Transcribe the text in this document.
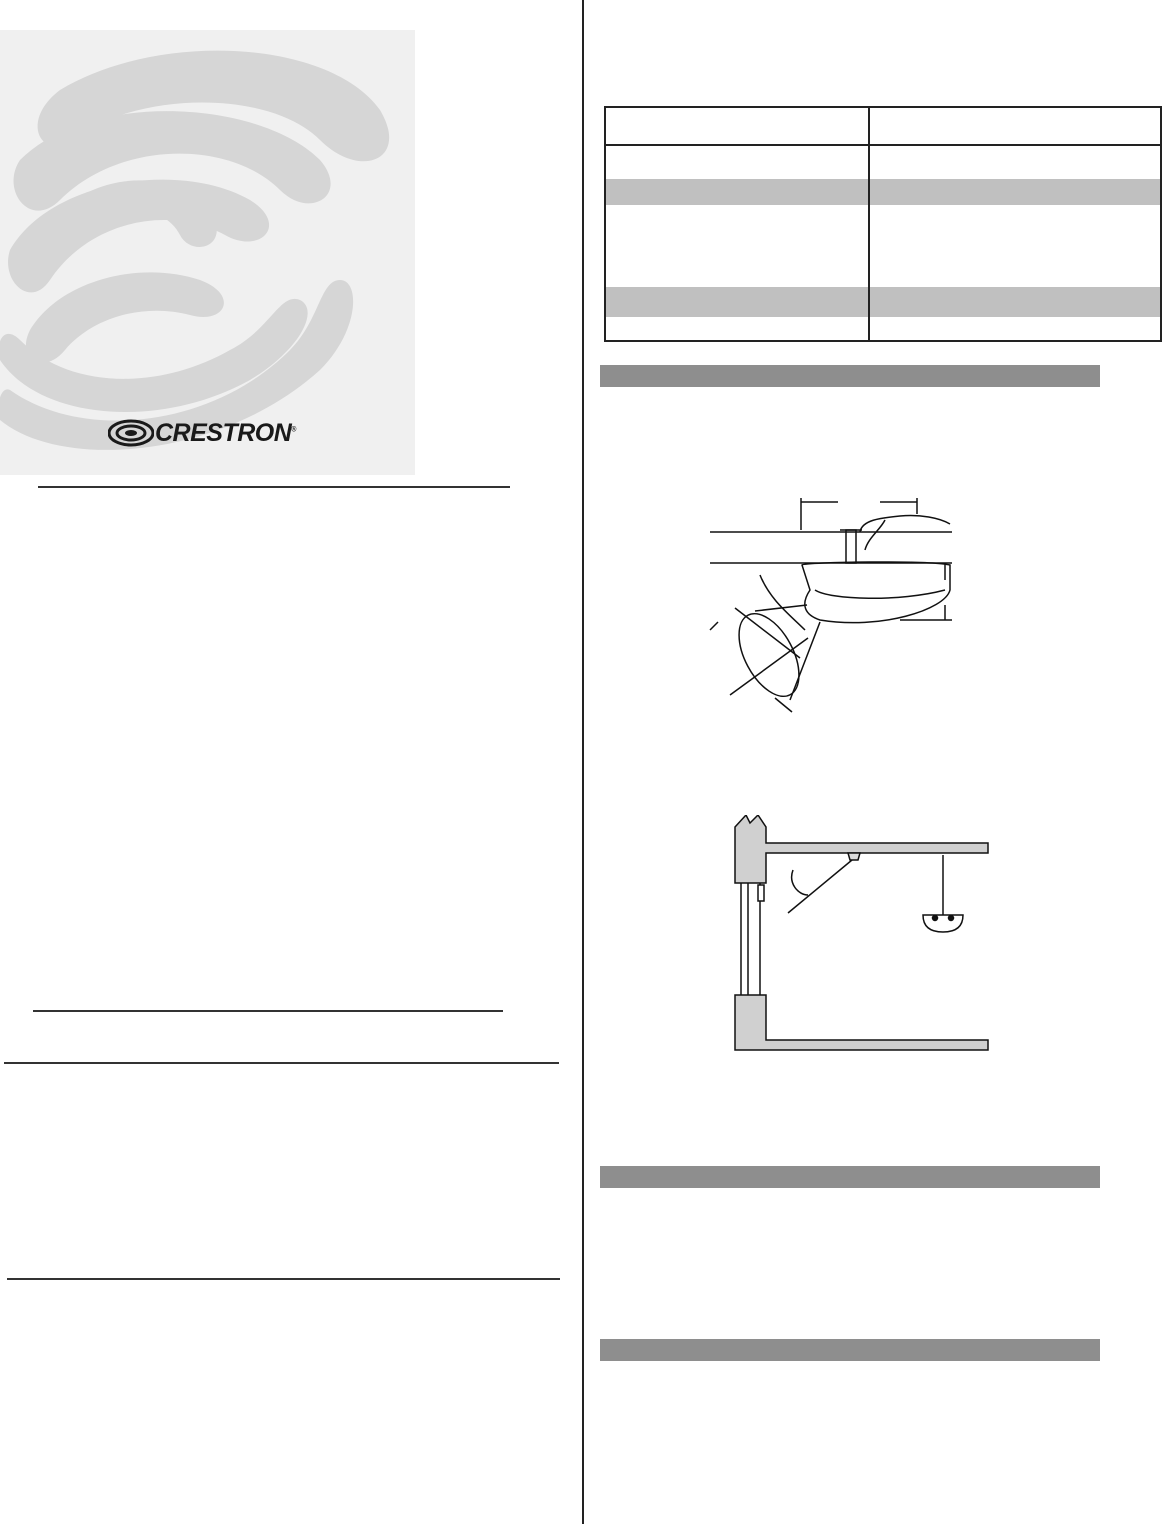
CRESTRON®
